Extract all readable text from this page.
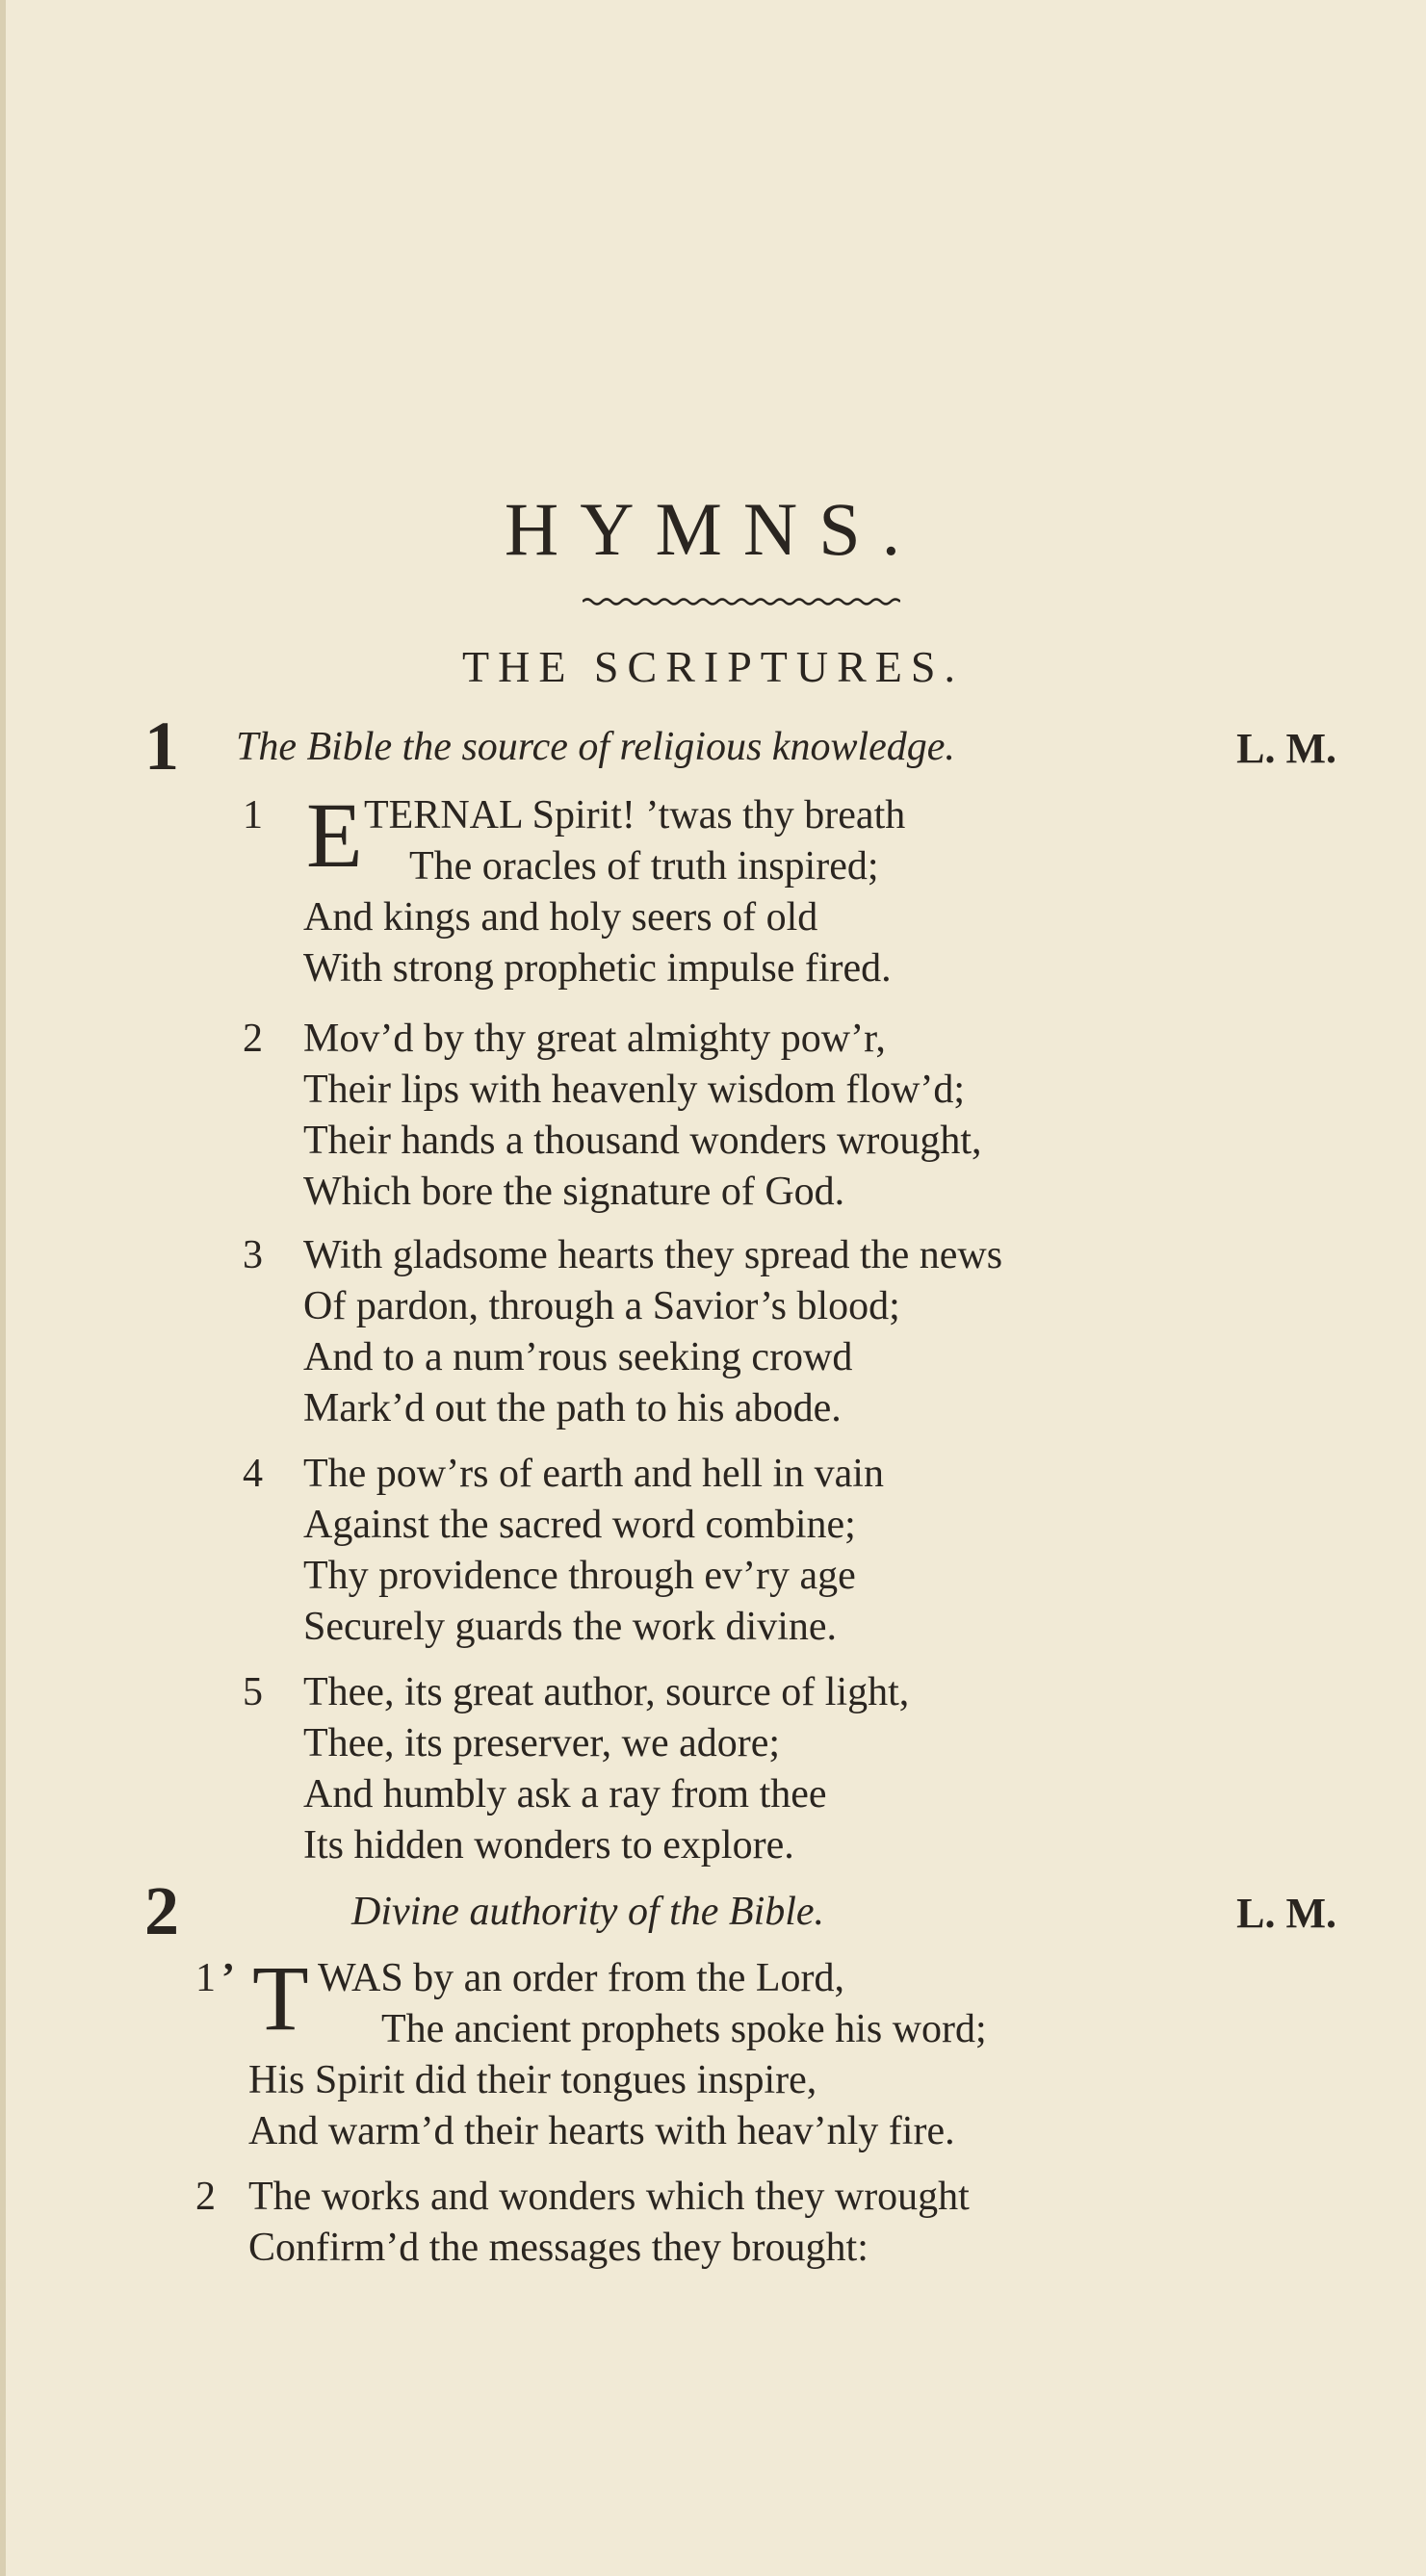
HYMNS.
THE SCRIPTURES.
1 The Bible the source of religious knowledge.	L. M.
1 E TERNAL Spirit! ’twas thy breath
The oracles of truth inspired;
And kings and holy seers of old
With strong prophetic impulse fired.
2 Mov’d by thy great almighty pow’r,
Their lips with heavenly wisdom flow’d;
Their hands a thousand wonders wrought,
Which bore the signature of God.
3 With gladsome hearts they spread the news
Of pardon, through a Savior’s blood;
And to a num’rous seeking crowd
Mark’d out the path to his abode.
4 The pow’rs of earth and hell in vain
Against the sacred word combine;
Thy providence through ev’ry age
Securely guards the work divine.
5 Thee, its great author, source of light,
Thee, its preserver, we adore;
And humbly ask a ray from thee
Its hidden wonders to explore.
2	Divine authority of the Bible.	L. M.
1 ’ T WAS by an order from the Lord,
The ancient prophets spoke his word;
His Spirit did their tongues inspire,
And warm’d their hearts with heav’nly fire.
2 The works and wonders which they wrought
Confirm’d the messages they brought:
